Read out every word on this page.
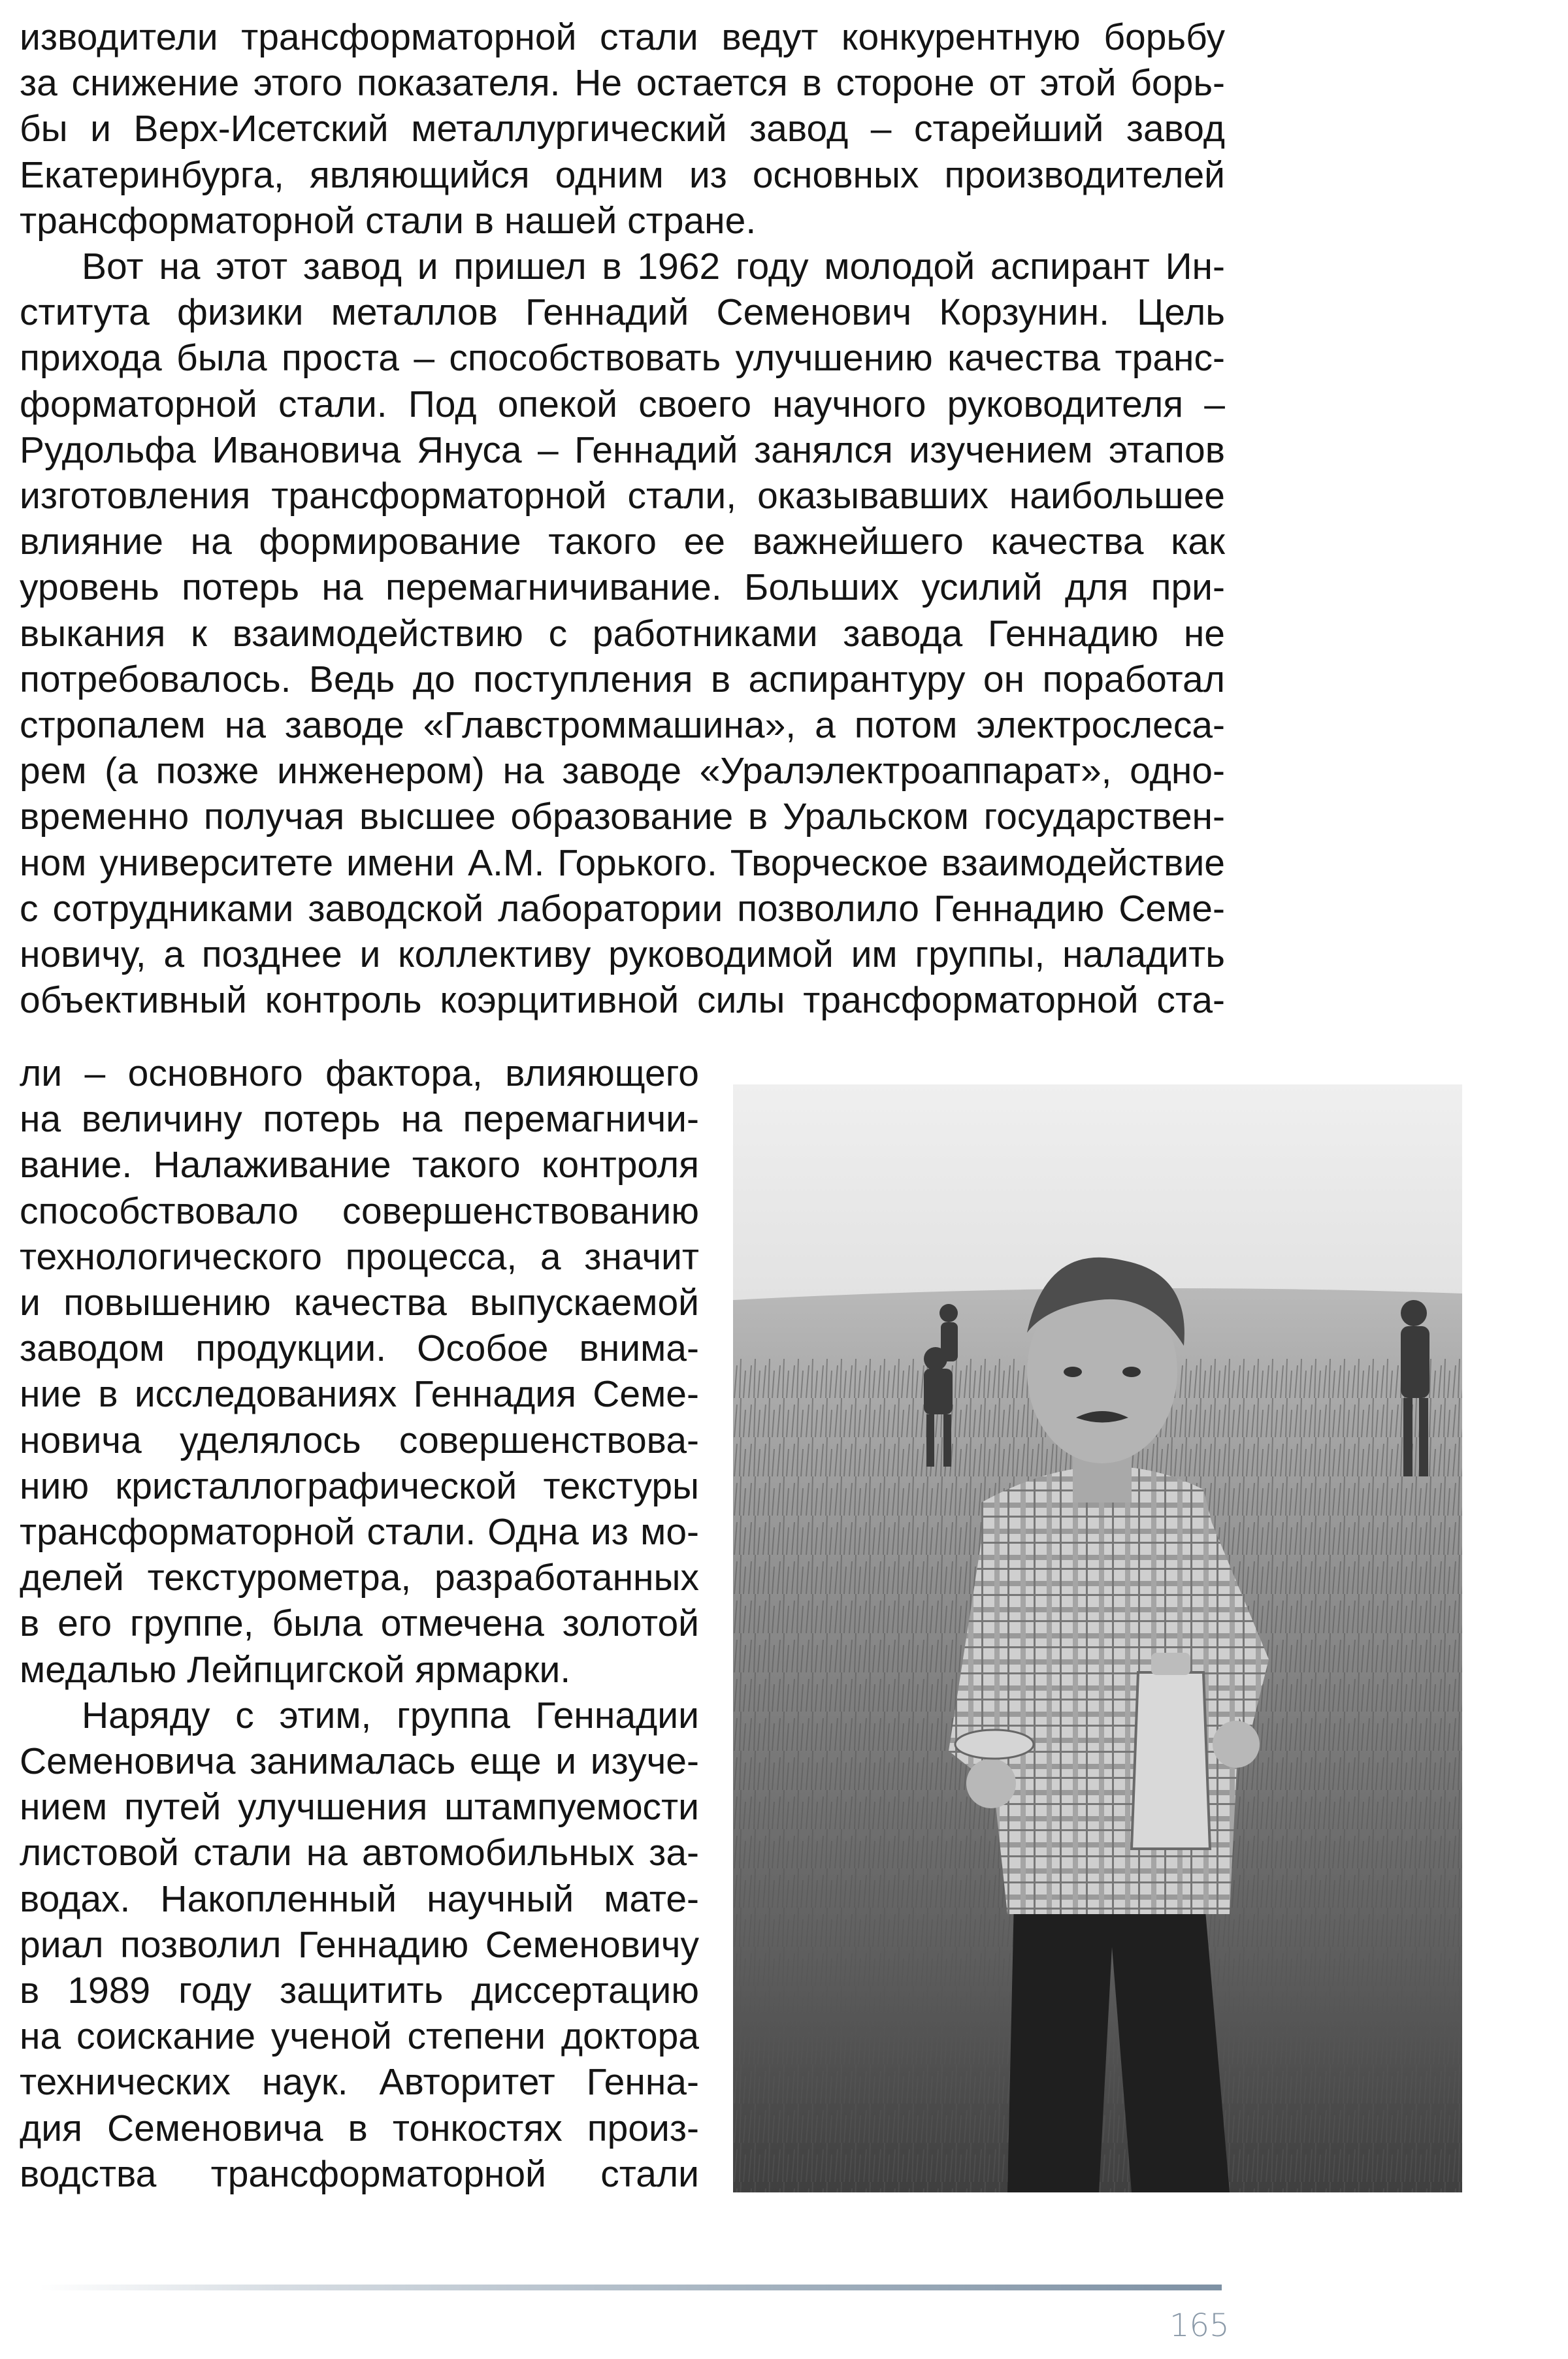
изводители трансформаторной стали ведут конкурентную борьбу
за снижение этого показателя. Не остается в стороне от этой борь-
бы и Верх-Исетский металлургический завод – старейший завод
Екатеринбурга, являющийся одним из основных производителей
трансформаторной стали в нашей стране.
Вот на этот завод и пришел в 1962 году молодой аспирант Ин-
ститута физики металлов Геннадий Семенович Корзунин. Цель
прихода была проста – способствовать улучшению качества транс-
форматорной стали. Под опекой своего научного руководителя –
Рудольфа Ивановича Януса – Геннадий занялся изучением этапов
изготовления трансформаторной стали, оказывавших наибольшее
влияние на формирование такого ее важнейшего качества как
уровень потерь на перемагничивание. Больших усилий для при-
выкания к взаимодействию с работниками завода Геннадию не
потребовалось. Ведь до поступления в аспирантуру он поработал
стропалем на заводе «Главстроммашина», а потом электрослеса-
рем (а позже инженером) на заводе «Уралэлектроаппарат», одно-
временно получая высшее образование в Уральском государствен-
ном университете имени А.М. Горького. Творческое взаимодействие
с сотрудниками заводской лаборатории позволило Геннадию Семе-
новичу, а позднее и коллективу руководимой им группы, наладить
объективный контроль коэрцитивной силы трансформаторной ста-
ли – основного фактора, влияющего
на величину потерь на перемагничи-
вание. Налаживание такого контроля
способствовало совершенствованию
технологического процесса, а значит
и повышению качества выпускаемой
заводом продукции. Особое внима-
ние в исследованиях Геннадия Семе-
новича уделялось совершенствова-
нию кристаллографической текстуры
трансформаторной стали. Одна из мо-
делей текстурометра, разработанных
в его группе, была отмечена золотой
медалью Лейпцигской ярмарки.
Наряду с этим, группа Геннадии
Семеновича занималась еще и изуче-
нием путей улучшения штампуемости
листовой стали на автомобильных за-
водах. Накопленный научный мате-
риал позволил Геннадию Семеновичу
в 1989 году защитить диссертацию
на соискание ученой степени доктора
технических наук. Авторитет Генна-
дия Семеновича в тонкостях произ-
водства трансформаторной стали
165
